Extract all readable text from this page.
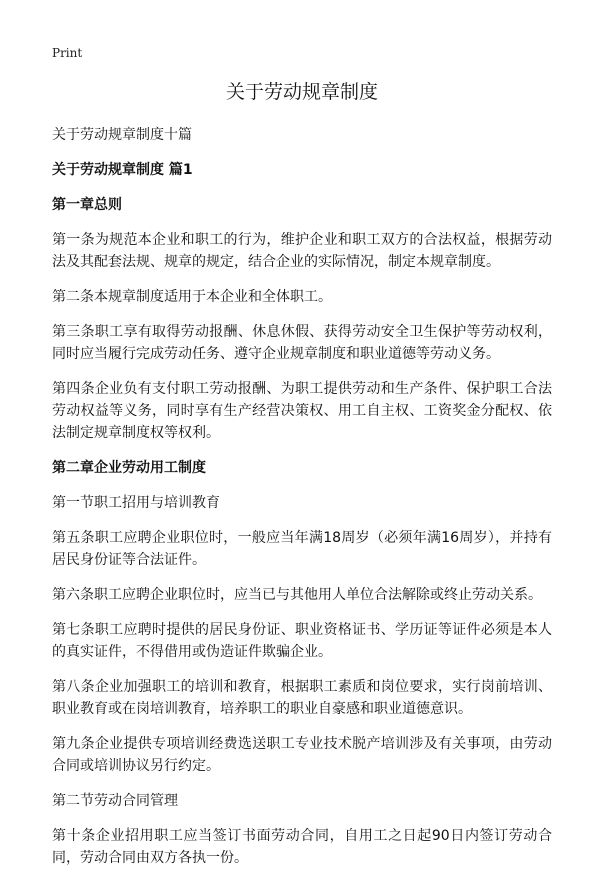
Print
关于劳动规章制度

关于劳动规章制度十篇

关于劳动规章制度 篇1

第一章总则

第一条为规范本企业和职工的行为，维护企业和职工双方的合法权益，根据劳动法及其配套法规、规章的规定，结合企业的实际情况，制定本规章制度。

第二条本规章制度适用于本企业和全体职工。

第三条职工享有取得劳动报酬、休息休假、获得劳动安全卫生保护等劳动权利，同时应当履行完成劳动任务、遵守企业规章制度和职业道德等劳动义务。

第四条企业负有支付职工劳动报酬、为职工提供劳动和生产条件、保护职工合法劳动权益等义务，同时享有生产经营决策权、用工自主权、工资奖金分配权、依法制定规章制度权等权利。

第二章企业劳动用工制度

第一节职工招用与培训教育

第五条职工应聘企业职位时，一般应当年满18周岁（必须年满16周岁），并持有居民身份证等合法证件。

第六条职工应聘企业职位时，应当已与其他用人单位合法解除或终止劳动关系。

第七条职工应聘时提供的居民身份证、职业资格证书、学历证等证件必须是本人的真实证件，不得借用或伪造证件欺骗企业。

第八条企业加强职工的培训和教育，根据职工素质和岗位要求，实行岗前培训、职业教育或在岗培训教育，培养职工的职业自豪感和职业道德意识。

第九条企业提供专项培训经费选送职工专业技术脱产培训涉及有关事项，由劳动合同或培训协议另行约定。

第二节劳动合同管理

第十条企业招用职工应当签订书面劳动合同，自用工之日起90日内签订劳动合同，劳动合同由双方各执一份。
